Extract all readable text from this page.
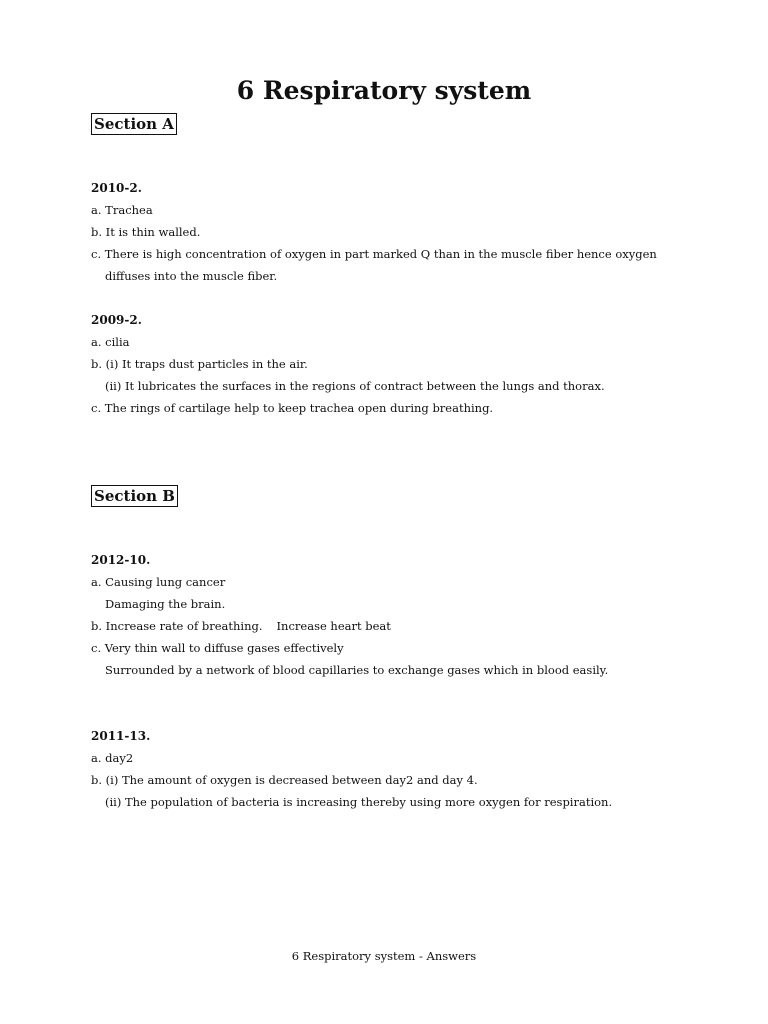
6 Respiratory system
Section A
2010-2.
a. Trachea
b. It is thin walled.
c. There is high concentration of oxygen in part marked Q than in the muscle fiber hence oxygen
diffuses into the muscle fiber.
2009-2.
a. cilia
b. (i) It traps dust particles in the air.
(ii) It lubricates the surfaces in the regions of contract between the lungs and thorax.
c. The rings of cartilage help to keep trachea open during breathing.
Section B
2012-10.
a. Causing lung cancer
Damaging the brain.
b. Increase rate of breathing. Increase heart beat
c. Very thin wall to diffuse gases effectively
Surrounded by a network of blood capillaries to exchange gases which in blood easily.
2011-13.
a. day2
b. (i) The amount of oxygen is decreased between day2 and day 4.
(ii) The population of bacteria is increasing thereby using more oxygen for respiration.
6 Respiratory system - Answers
